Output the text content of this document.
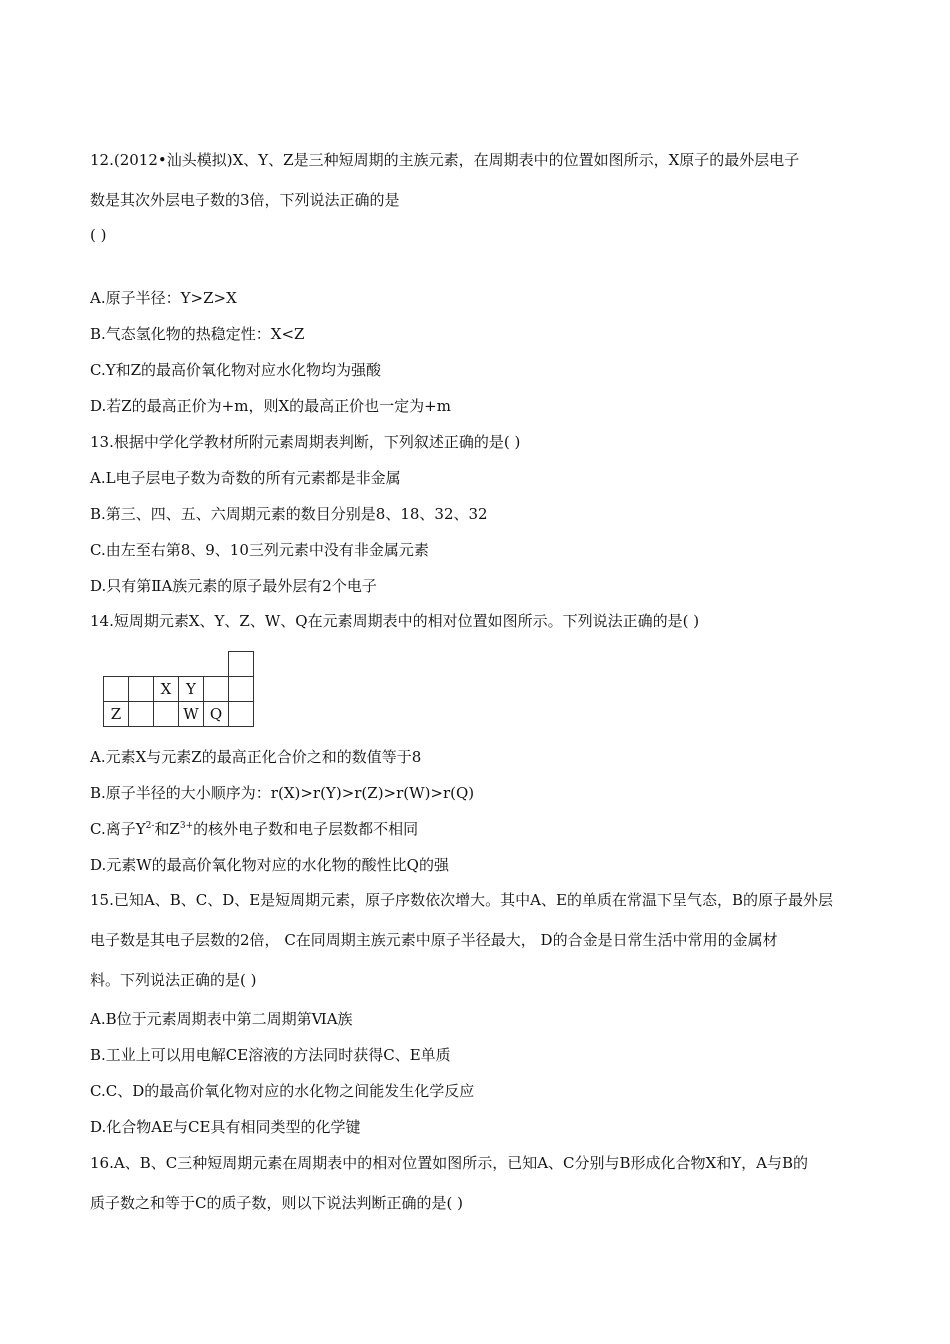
12.(2012•汕头模拟)X、Y、Z是三种短周期的主族元素，在周期表中的位置如图所示，X原子的最外层电子
数是其次外层电子数的3倍，下列说法正确的是
( )
A.原子半径：Y>Z>X
B.气态氢化物的热稳定性：X<Z
C.Y和Z的最高价氧化物对应水化物均为强酸
D.若Z的最高正价为+m，则X的最高正价也一定为+m
13.根据中学化学教材所附元素周期表判断，下列叙述正确的是( )
A.L电子层电子数为奇数的所有元素都是非金属
B.第三、四、五、六周期元素的数目分别是8、18、32、32
C.由左至右第8、9、10三列元素中没有非金属元素
D.只有第ⅡA族元素的原子最外层有2个电子
14.短周期元素X、Y、Z、W、Q在元素周期表中的相对位置如图所示。下列说法正确的是( )

		X	Y		
Z			W	Q	
A.元素X与元素Z的最高正化合价之和的数值等于8
B.原子半径的大小顺序为：r(X)>r(Y)>r(Z)>r(W)>r(Q)
C.离子$Y^{2-}$和$Z^{3+}$的核外电子数和电子层数都不相同
D.元素W的最高价氧化物对应的水化物的酸性比Q的强
15.已知A、B、C、D、E是短周期元素，原子序数依次增大。其中A、E的单质在常温下呈气态，B的原子最外层
电子数是其电子层数的2倍， C在同周期主族元素中原子半径最大， D的合金是日常生活中常用的金属材
料。下列说法正确的是( )
A.B位于元素周期表中第二周期第ⅥA族
B.工业上可以用电解CE溶液的方法同时获得C、E单质
C.C、D的最高价氧化物对应的水化物之间能发生化学反应
D.化合物AE与CE具有相同类型的化学键
16.A、B、C三种短周期元素在周期表中的相对位置如图所示，已知A、C分别与B形成化合物X和Y，A与B的
质子数之和等于C的质子数，则以下说法判断正确的是( )
